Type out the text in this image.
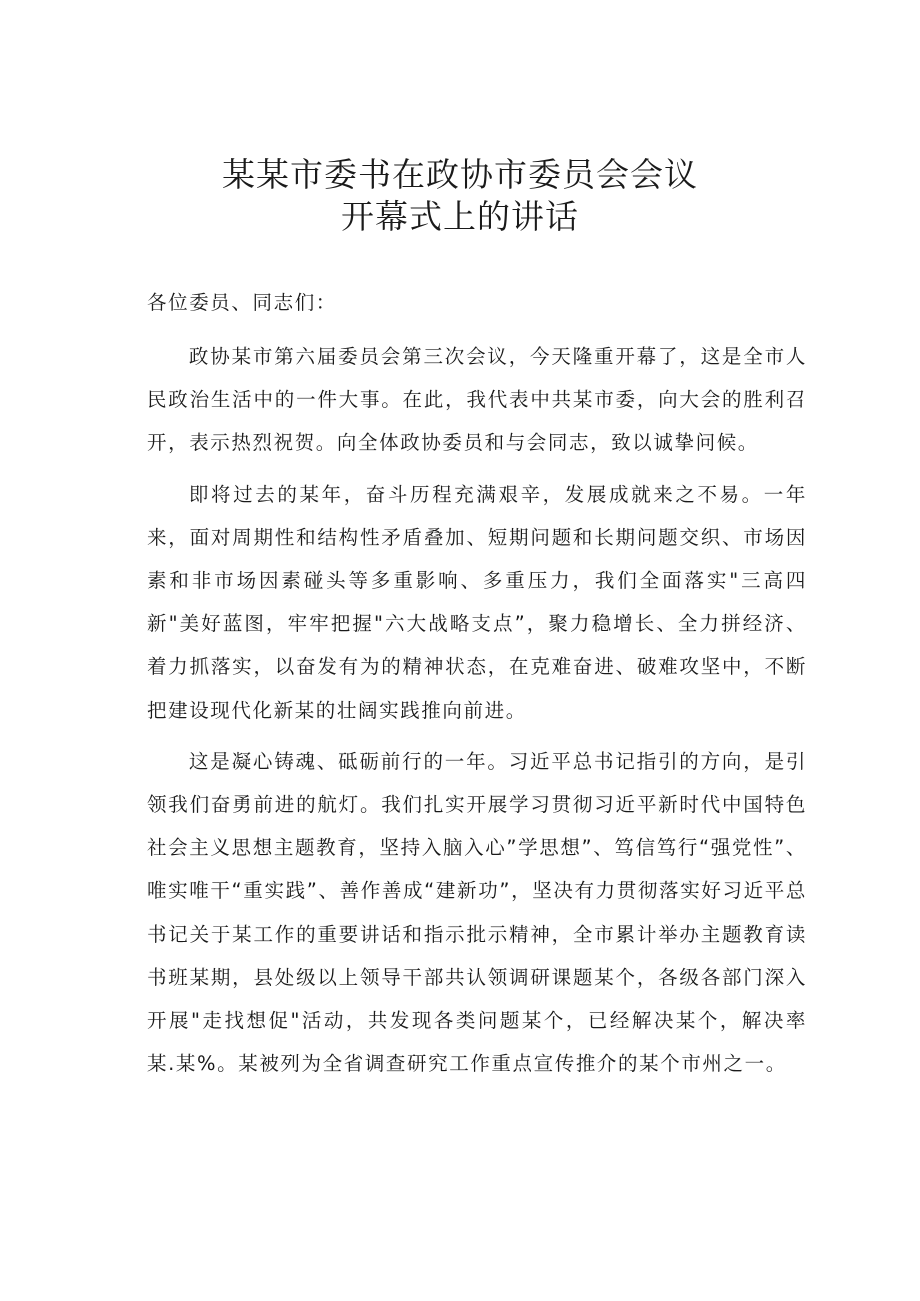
某某市委书在政协市委员会会议
开幕式上的讲话

各位委员、同志们：

政协某市第六届委员会第三次会议，今天隆重开幕了，这是全市人民政治生活中的一件大事。在此，我代表中共某市委，向大会的胜利召开，表示热烈祝贺。向全体政协委员和与会同志，致以诚挚问候。

即将过去的某年，奋斗历程充满艰辛，发展成就来之不易。一年来，面对周期性和结构性矛盾叠加、短期问题和长期问题交织、市场因素和非市场因素碰头等多重影响、多重压力，我们全面落实"三高四新"美好蓝图，牢牢把握"六大战略支点”，聚力稳增长、全力拼经济、着力抓落实，以奋发有为的精神状态，在克难奋进、破难攻坚中，不断把建设现代化新某的壮阔实践推向前进。

这是凝心铸魂、砥砺前行的一年。习近平总书记指引的方向，是引领我们奋勇前进的航灯。我们扎实开展学习贯彻习近平新时代中国特色社会主义思想主题教育，坚持入脑入心”学思想”、笃信笃行“强党性”、唯实唯干“重实践”、善作善成“建新功”，坚决有力贯彻落实好习近平总书记关于某工作的重要讲话和指示批示精神，全市累计举办主题教育读书班某期，县处级以上领导干部共认领调研课题某个，各级各部门深入开展"走找想促"活动，共发现各类问题某个，已经解决某个，解决率某.某%。某被列为全省调查研究工作重点宣传推介的某个市州之一。
